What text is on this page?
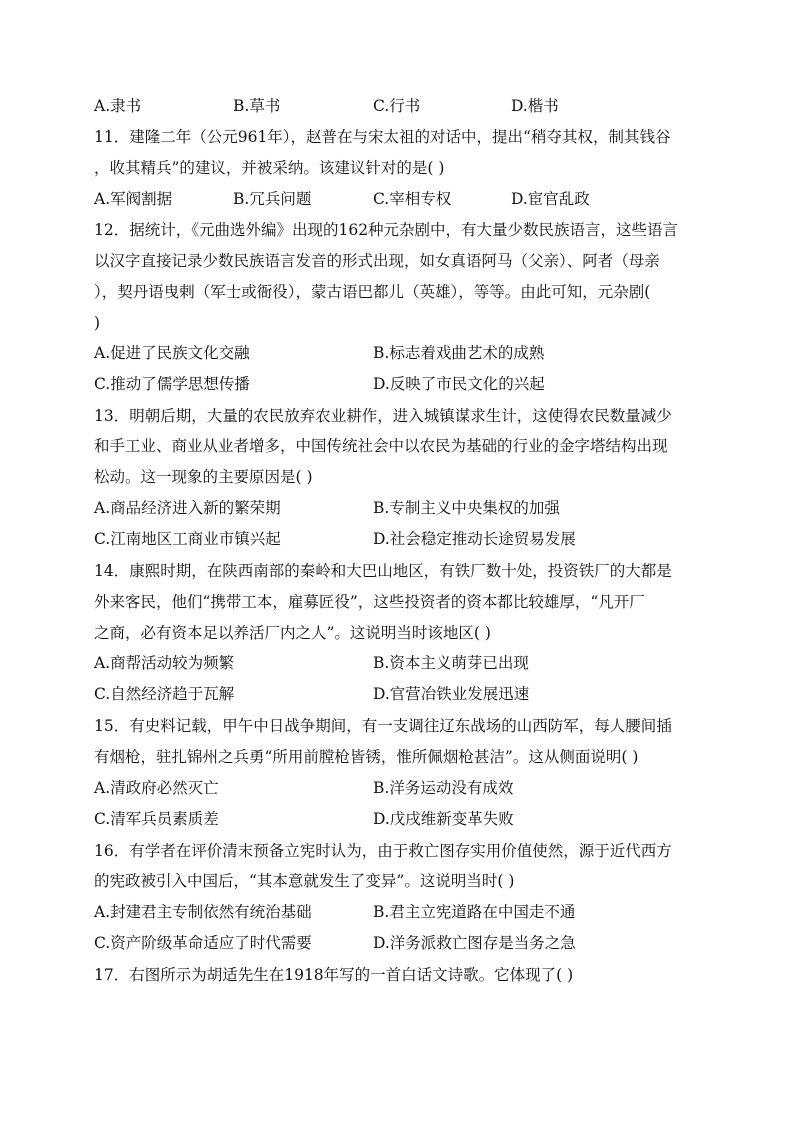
A.隶书	B.草书	C.行书	D.楷书
11．建隆二年（公元961年），赵普在与宋太祖的对话中，提出“稍夺其权，制其钱谷
，收其精兵”的建议，并被采纳。该建议针对的是( )
A.军阀割据	B.冗兵问题	C.宰相专权	D.宦官乱政
12．据统计，《元曲选外编》出现的162种元杂剧中，有大量少数民族语言，这些语言
以汉字直接记录少数民族语言发音的形式出现，如女真语阿马（父亲）、阿者（母亲
），契丹语曳剌（军士或衙役），蒙古语巴都儿（英雄），等等。由此可知，元杂剧(
)
A.促进了民族文化交融	B.标志着戏曲艺术的成熟
C.推动了儒学思想传播	D.反映了市民文化的兴起
13．明朝后期，大量的农民放弃农业耕作，进入城镇谋求生计，这使得农民数量减少
和手工业、商业从业者增多，中国传统社会中以农民为基础的行业的金字塔结构出现
松动。这一现象的主要原因是( )
A.商品经济进入新的繁荣期	B.专制主义中央集权的加强
C.江南地区工商业市镇兴起	D.社会稳定推动长途贸易发展
14．康熙时期，在陕西南部的秦岭和大巴山地区，有铁厂数十处，投资铁厂的大都是
外来客民，他们“携带工本，雇募匠役”，这些投资者的资本都比较雄厚，“凡开厂
之商，必有资本足以养活厂内之人”。这说明当时该地区( )
A.商帮活动较为频繁	B.资本主义萌芽已出现
C.自然经济趋于瓦解	D.官营冶铁业发展迅速
15．有史料记载，甲午中日战争期间，有一支调往辽东战场的山西防军，每人腰间插
有烟枪，驻扎锦州之兵勇“所用前膛枪皆锈，惟所佩烟枪甚洁”。这从侧面说明( )
A.清政府必然灭亡	B.洋务运动没有成效
C.清军兵员素质差	D.戊戌维新变革失败
16．有学者在评价清末预备立宪时认为，由于救亡图存实用价值使然，源于近代西方
的宪政被引入中国后，“其本意就发生了变异”。这说明当时( )
A.封建君主专制依然有统治基础	B.君主立宪道路在中国走不通
C.资产阶级革命适应了时代需要	D.洋务派救亡图存是当务之急
17．右图所示为胡适先生在1918年写的一首白话文诗歌。它体现了( )
